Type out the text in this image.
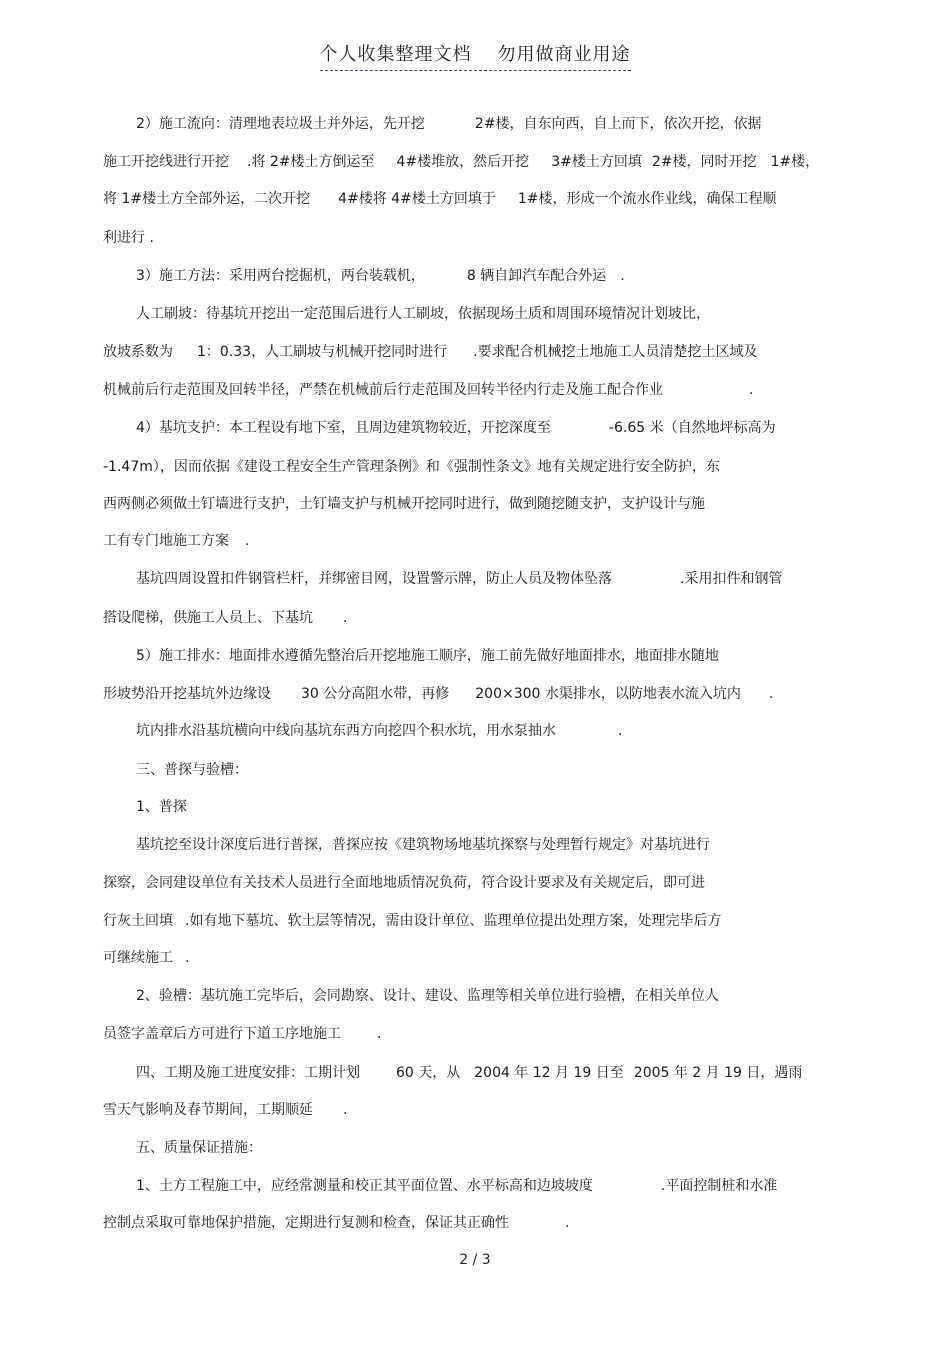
个人收集整理文档 勿用做商业用途
2）施工流向：清理地表垃圾土并外运，先开挖	2#楼，自东向西，自上而下，依次开挖，依据
施工开挖线进行开挖 .将 2#楼土方倒运至 4#楼堆放，然后开挖 3#楼土方回填 2#楼，同时开挖 1#楼，
将 1#楼土方全部外运，二次开挖 4#楼将 4#楼土方回填于 1#楼，形成一个流水作业线，确保工程顺
利进行 .
3）施工方法：采用两台挖掘机，两台装载机，	8 辆自卸汽车配合外运 .
人工刷坡：待基坑开挖出一定范围后进行人工刷坡，依据现场土质和周围环境情况计划坡比，
放坡系数为 1：0.33，人工刷坡与机械开挖同时进行 .要求配合机械挖土地施工人员清楚挖土区域及
机械前后行走范围及回转半径，严禁在机械前后行走范围及回转半径内行走及施工配合作业	.
4）基坑支护：本工程设有地下室，且周边建筑物较近，开挖深度至	-6.65 米（自然地坪标高为
-1.47m），因而依据《建设工程安全生产管理条例》和《强制性条文》地有关规定进行安全防护，东
西两侧必须做土钉墙进行支护，土钉墙支护与机械开挖同时进行，做到随挖随支护，支护设计与施
工有专门地施工方案 .
基坑四周设置扣件钢管栏杆，并绑密目网，设置警示牌，防止人员及物体坠落	.采用扣件和钢管
搭设爬梯，供施工人员上、下基坑 .
5）施工排水：地面排水遵循先整治后开挖地施工顺序，施工前先做好地面排水，地面排水随地
形坡势沿开挖基坑外边缘设 30 公分高阻水带，再修 200×300 水渠排水，以防地表水流入坑内 .
坑内排水沿基坑横向中线向基坑东西方向挖四个积水坑，用水泵抽水	.
三、普探与验槽：
1、普探
基坑挖至设计深度后进行普探，普探应按《建筑物场地基坑探察与处理暂行规定》对基坑进行
探察，会同建设单位有关技术人员进行全面地地质情况负荷，符合设计要求及有关规定后，即可进
行灰土回填 .如有地下墓坑、软土层等情况，需由设计单位、监理单位提出处理方案，处理完毕后方
可继续施工 .
2、验槽：基坑施工完毕后，会同勘察、设计、建设、监理等相关单位进行验槽，在相关单位人
员签字盖章后方可进行下道工序地施工	.
四、工期及施工进度安排：工期计划	60 天，从 2004 年 12 月 19 日至 2005 年 2 月 19 日，遇雨
雪天气影响及春节期间，工期顺延 .
五、质量保证措施：
1、土方工程施工中，应经常测量和校正其平面位置、水平标高和边坡坡度	.平面控制桩和水准
控制点采取可靠地保护措施，定期进行复测和检查，保证其正确性	.
2 / 3
